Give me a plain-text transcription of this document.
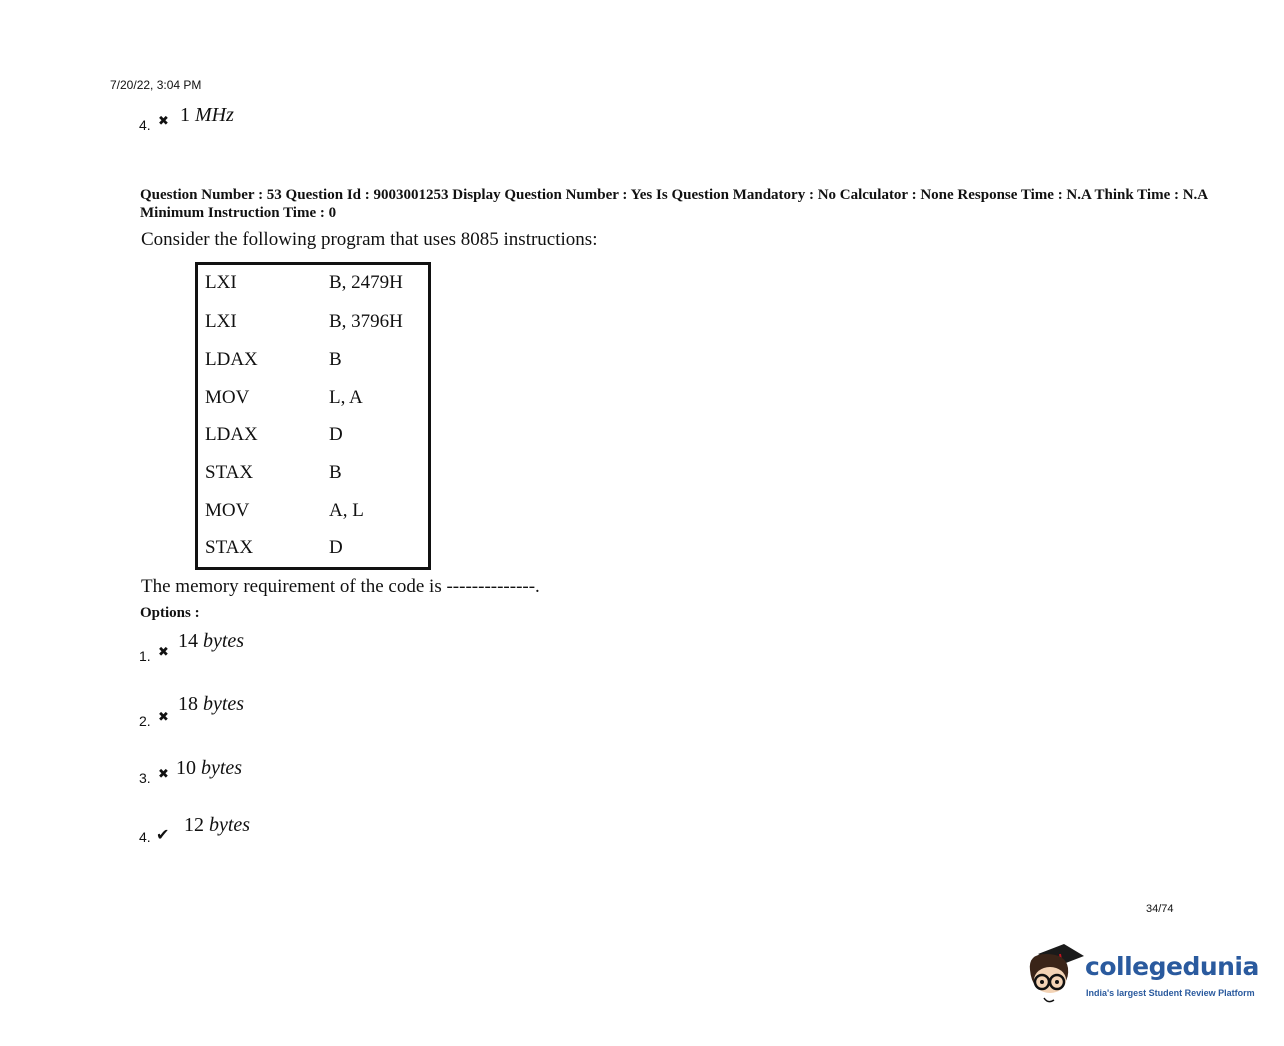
7/20/22, 3:04 PM
4. ✖ 1 MHz
Question Number : 53 Question Id : 9003001253 Display Question Number : Yes Is Question Mandatory : No Calculator : None Response Time : N.A Think Time : N.A Minimum Instruction Time : 0
Consider the following program that uses 8085 instructions:
LXI	B, 2479H
LXI	B, 3796H
LDAX	B
MOV	L, A
LDAX	D
STAX	B
MOV	A, L
STAX	D
The memory requirement of the code is --------------.
Options :
1. ✖
14 bytes
2. ✖
18 bytes
3. ✖ 10 bytes
4. ✔ 12 bytes
34/74
collegedunia
India's largest Student Review Platform
